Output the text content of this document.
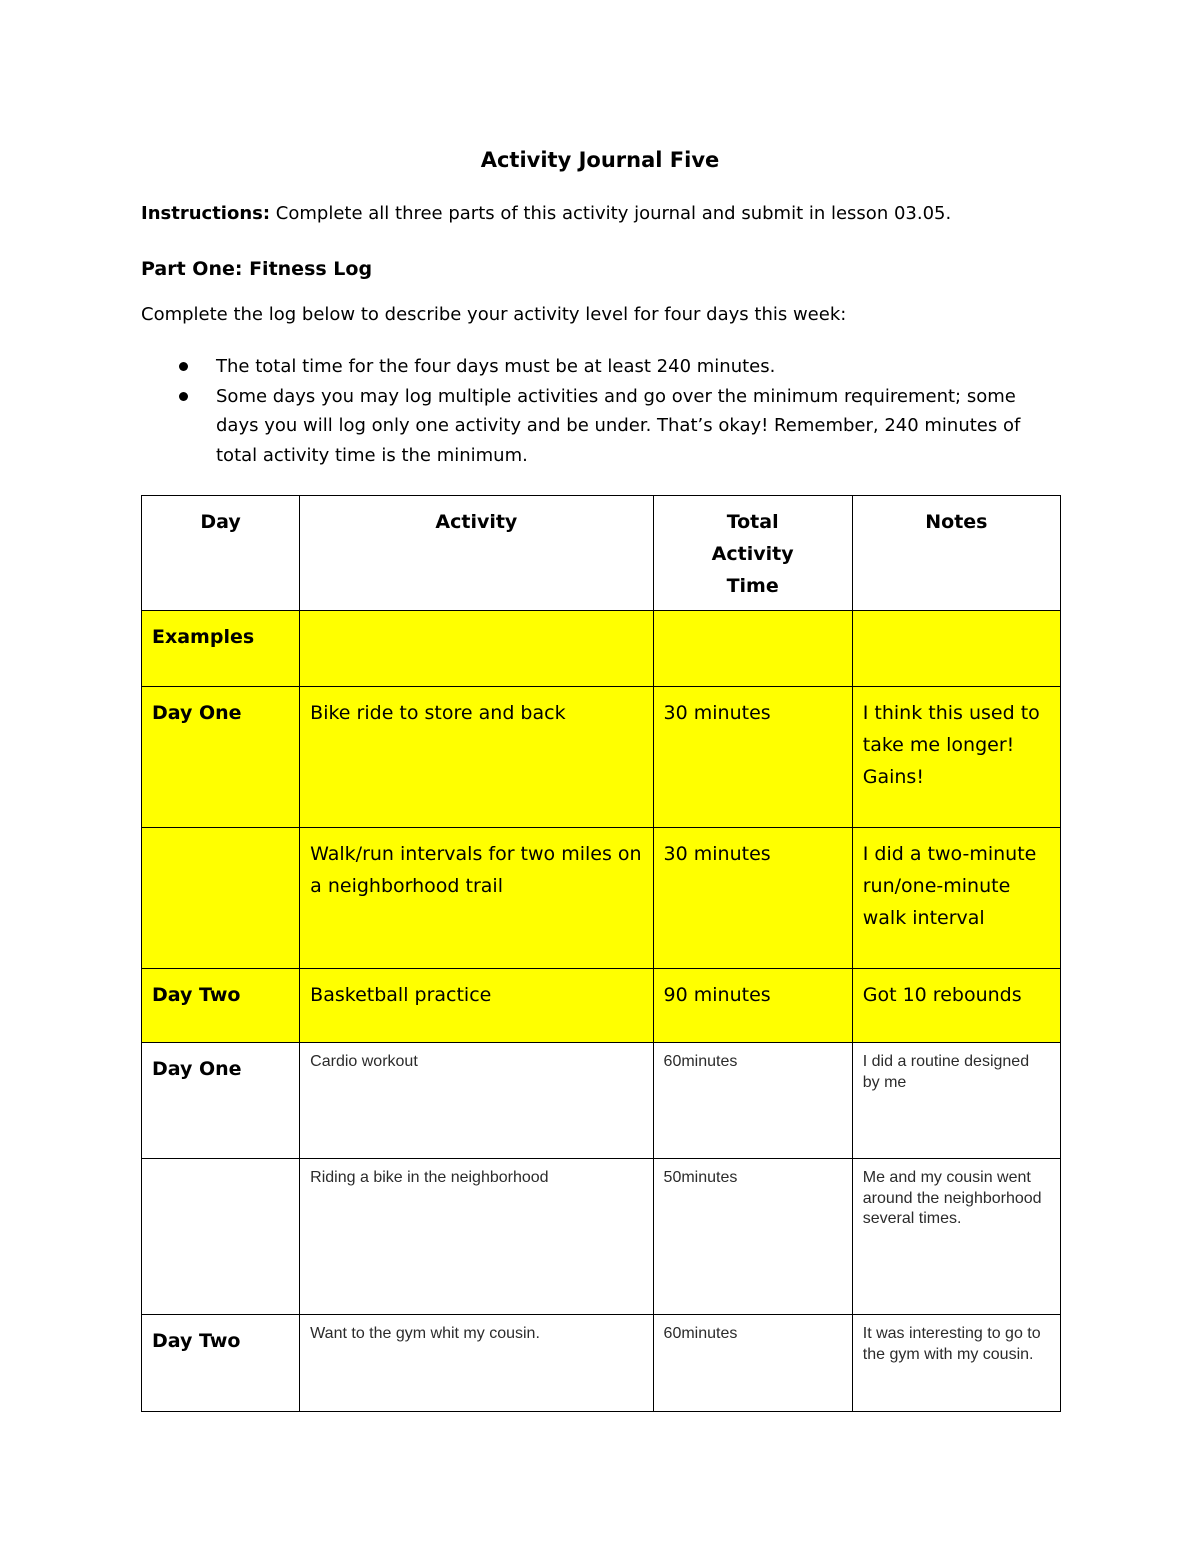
Activity Journal Five
Instructions: Complete all three parts of this activity journal and submit in lesson 03.05.
Part One: Fitness Log
Complete the log below to describe your activity level for four days this week:
The total time for the four days must be at least 240 minutes.
Some days you may log multiple activities and go over the minimum requirement; some days you will log only one activity and be under. That’s okay! Remember, 240 minutes of total activity time is the minimum.
Day	Activity	Total Activity Time	Notes

Examples			

Day One	Bike ride to store and back	30 minutes	I think this used to take me longer! Gains!

	Walk/run intervals for two miles on a neighborhood trail	30 minutes	I did a two-minute run/one-minute walk interval

Day Two	Basketball practice	90 minutes	Got 10 rebounds

Day One	Cardio workout	60minutes	I did a routine designed by me

	Riding a bike in the neighborhood	50minutes	Me and my cousin went around the neighborhood several times.

Day Two	Want to the gym whit my cousin.	60minutes	It was interesting to go to the gym with my cousin.
